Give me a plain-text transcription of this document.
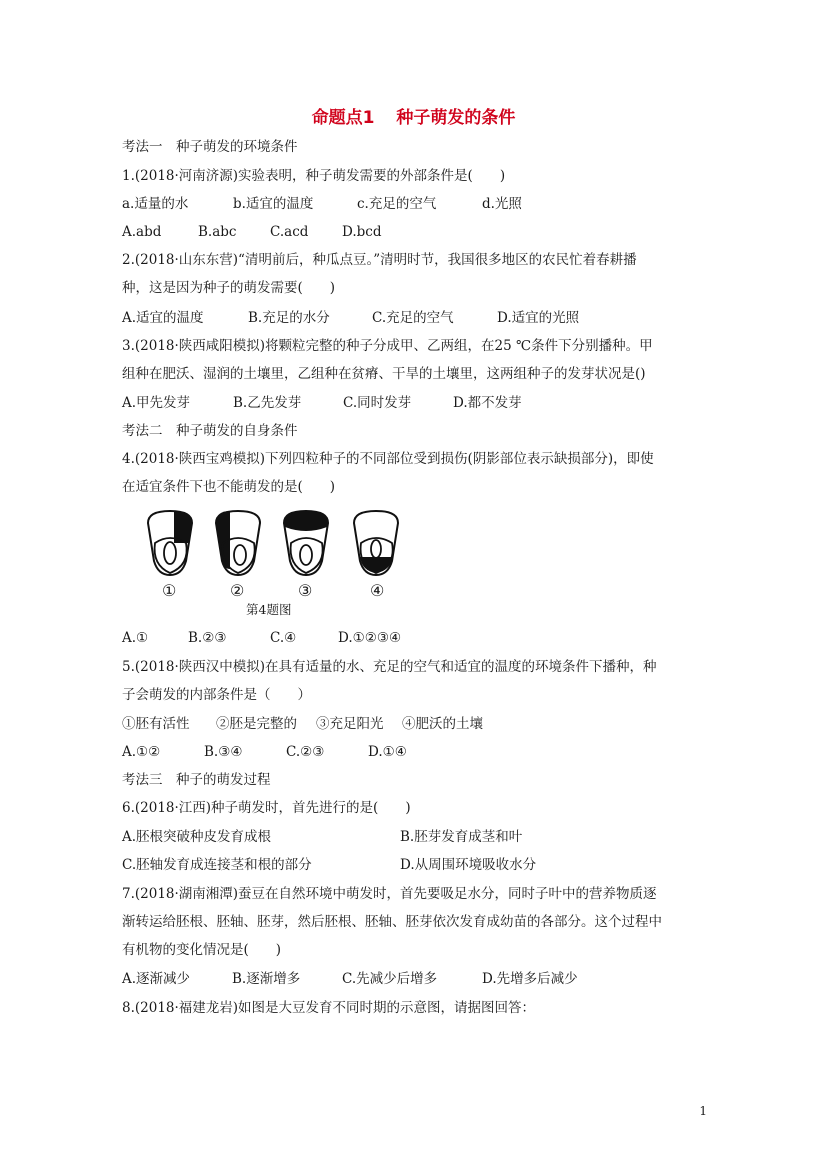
命题点1 种子萌发的条件
考法一　种子萌发的环境条件
1.(2018·河南济源)实验表明，种子萌发需要的外部条件是(　　)
a.适量的水	b.适宜的温度	c.充足的空气	d.光照
A.abd	B.abc C.acd D.bcd
2.(2018·山东东营)“清明前后，种瓜点豆。”清明时节，我国很多地区的农民忙着春耕播
种，这是因为种子的萌发需要(　　)
A.适宜的温度	B.充足的水分	C.充足的空气	D.适宜的光照
3.(2018·陕西咸阳模拟)将颗粒完整的种子分成甲、乙两组，在25 ℃条件下分别播种。甲
组种在肥沃、湿润的土壤里，乙组种在贫瘠、干旱的土壤里，这两组种子的发芽状况是()
A.甲先发芽	B.乙先发芽	C.同时发芽	D.都不发芽
考法二　种子萌发的自身条件
4.(2018·陕西宝鸡模拟)下列四粒种子的不同部位受到损伤(阴影部位表示缺损部分)，即使
在适宜条件下也不能萌发的是(　　)
①	②	③	④
第4题图
A.①	B.②③	C.④	D.①②③④
5.(2018·陕西汉中模拟)在具有适量的水、充足的空气和适宜的温度的环境条件下播种，种
子会萌发的内部条件是（　　）
①胚有活性 ②胚是完整的 ③充足阳光 ④肥沃的土壤
A.①②	B.③④	C.②③	D.①④
考法三　种子的萌发过程
6.(2018·江西)种子萌发时，首先进行的是(　　)
A.胚根突破种皮发育成根	B.胚芽发育成茎和叶
C.胚轴发育成连接茎和根的部分	D.从周围环境吸收水分
7.(2018·湖南湘潭)蚕豆在自然环境中萌发时，首先要吸足水分，同时子叶中的营养物质逐
渐转运给胚根、胚轴、胚芽，然后胚根、胚轴、胚芽依次发育成幼苗的各部分。这个过程中
有机物的变化情况是(　　)
A.逐渐减少	B.逐渐增多	C.先减少后增多	D.先增多后减少
8.(2018·福建龙岩)如图是大豆发育不同时期的示意图，请据图回答：
1
